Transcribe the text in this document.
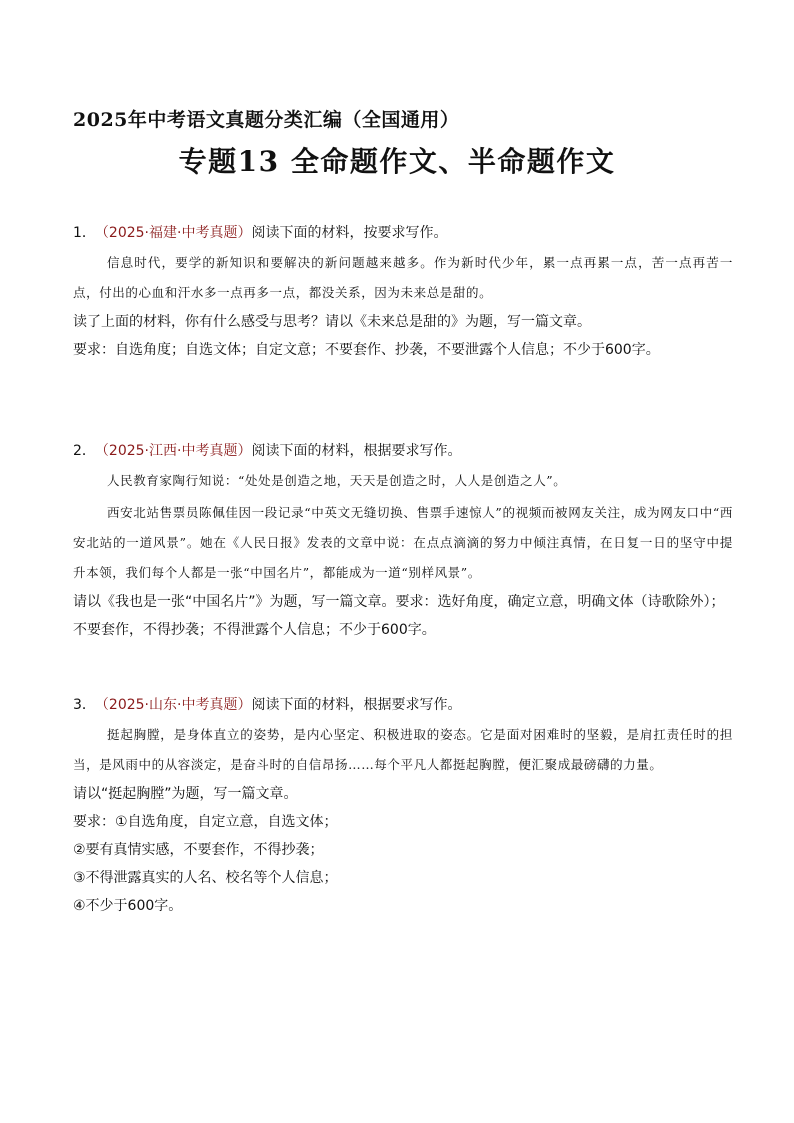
2025年中考语文真题分类汇编（全国通用）
专题13 全命题作文、半命题作文
1． （2025·福建·中考真题）阅读下面的材料，按要求写作。

信息时代，要学的新知识和要解决的新问题越来越多。作为新时代少年，累一点再累一点，苦一点再苦一点，付出的心血和汗水多一点再多一点，都没关系，因为未来总是甜的。

读了上面的材料，你有什么感受与思考？请以《未来总是甜的》为题，写一篇文章。

要求：自选角度；自选文体；自定文意；不要套作、抄袭，不要泄露个人信息；不少于600字。

2． （2025·江西·中考真题）阅读下面的材料，根据要求写作。

人民教育家陶行知说：“处处是创造之地，天天是创造之时，人人是创造之人”。

西安北站售票员陈佩佳因一段记录“中英文无缝切换、售票手速惊人”的视频而被网友关注，成为网友口中“西安北站的一道风景”。她在《人民日报》发表的文章中说：在点点滴滴的努力中倾注真情，在日复一日的坚守中提升本领，我们每个人都是一张“中国名片”，都能成为一道“别样风景”。

请以《我也是一张“中国名片”》为题，写一篇文章。要求：选好角度，确定立意，明确文体（诗歌除外）；不要套作，不得抄袭；不得泄露个人信息；不少于600字。

3． （2025·山东·中考真题）阅读下面的材料，根据要求写作。

挺起胸膛，是身体直立的姿势，是内心坚定、积极进取的姿态。它是面对困难时的坚毅，是肩扛责任时的担当，是风雨中的从容淡定，是奋斗时的自信昂扬……每个平凡人都挺起胸膛，便汇聚成最磅礴的力量。

请以“挺起胸膛”为题，写一篇文章。

要求：①自选角度，自定立意，自选文体；

②要有真情实感，不要套作，不得抄袭；

③不得泄露真实的人名、校名等个人信息；

④不少于600字。
